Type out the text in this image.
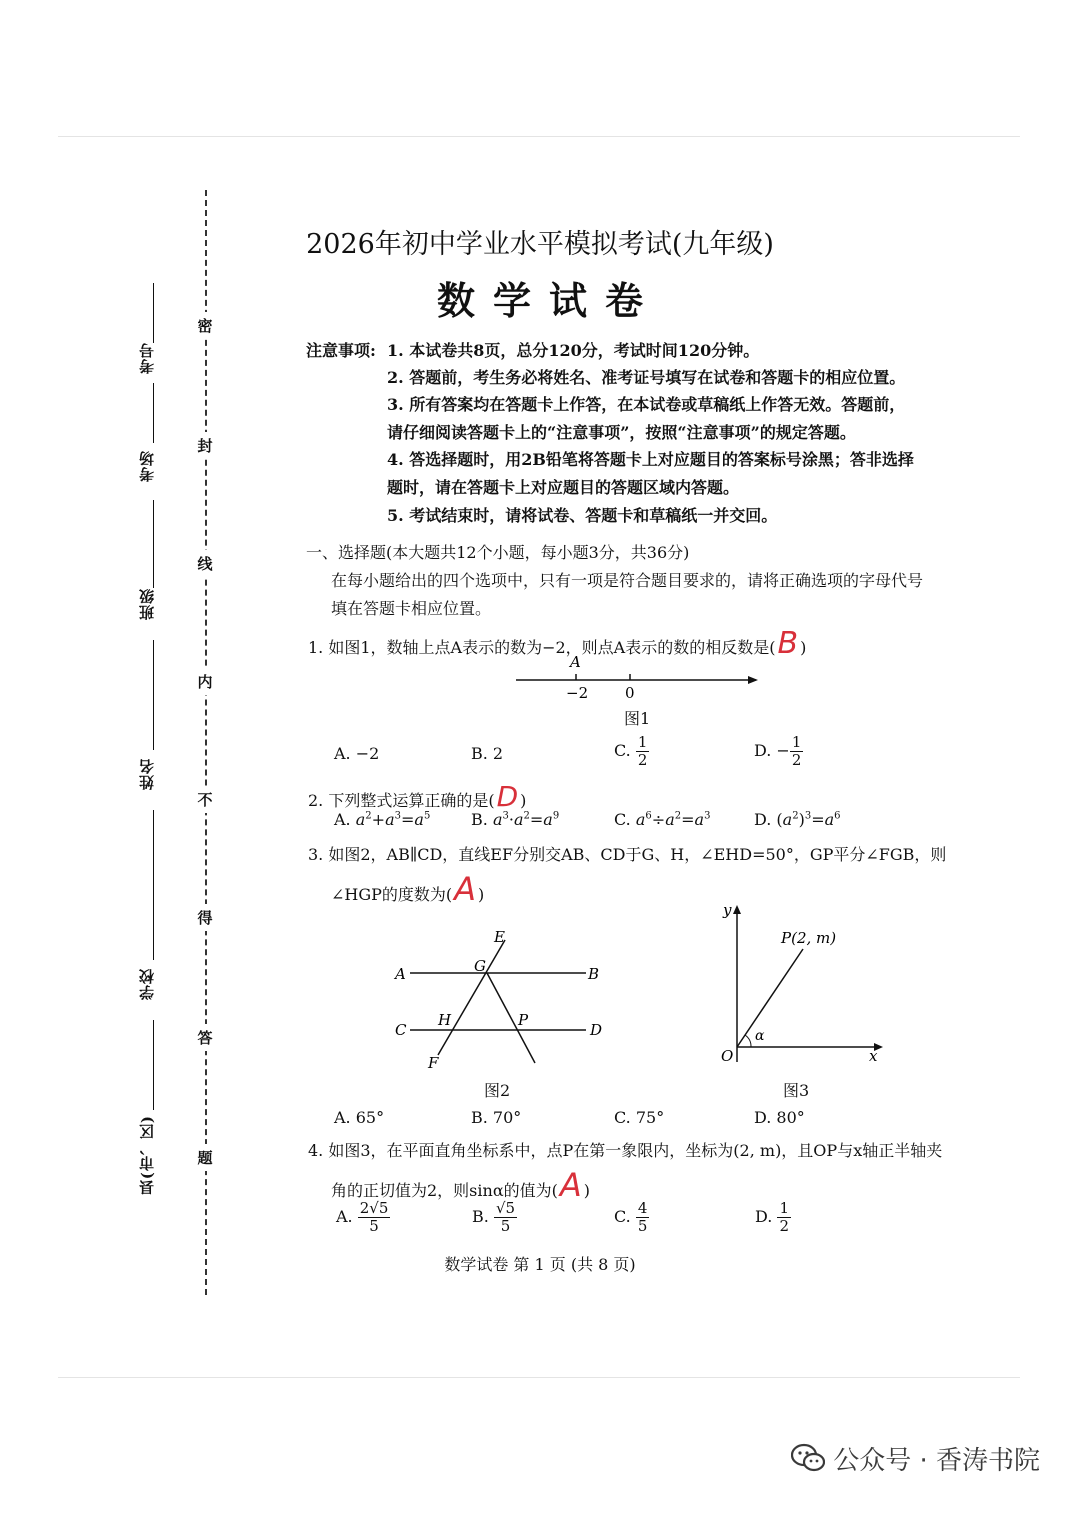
考号
考场
班级
姓名
学校
县(市、区)
密
封
线
内
不
得
答
题
2026年初中学业水平模拟考试(九年级)
数学试卷
注意事项: 1. 本试卷共8页，总分120分，考试时间120分钟。
2. 答题前，考生务必将姓名、准考证号填写在试卷和答题卡的相应位置。
3. 所有答案均在答题卡上作答，在本试卷或草稿纸上作答无效。答题前，
请仔细阅读答题卡上的“注意事项”，按照“注意事项”的规定答题。
4. 答选择题时，用2B铅笔将答题卡上对应题目的答案标号涂黑；答非选择
题时，请在答题卡上对应题目的答题区域内答题。
5. 考试结束时，请将试卷、答题卡和草稿纸一并交回。
一、选择题(本大题共12个小题，每小题3分，共36分)
在每小题给出的四个选项中，只有一项是符合题目要求的，请将正确选项的字母代号
填在答题卡相应位置。
1. 如图1，数轴上点A表示的数为−2，则点A表示的数的相反数是(B )
A
−2 0
图1
A. −2	B. 2	C. $\frac{1}{2}$	D. − $\frac{1}{2}$
2. 下列整式运算正确的是(D )
A. $a^2+a^3=a^5$	B. $a^3\cdot a^2=a^9$	C. $a^6\div a^2=a^3$	D. $(a^2)^3=a^6$
3. 如图2，AB∥CD，直线EF分别交AB、CD于G、H，∠EHD=50°，GP平分∠FGB，则
∠HGP的度数为(A )
E
A	G	B
C
H	P
D
F
图2
y
P(2, m)
α
O	x
图3
A. 65°	B. 70°	C. 75°	D. 80°
4. 如图3，在平面直角坐标系中，点P在第一象限内，坐标为(2, m)，且OP与x轴正半轴夹
角的正切值为2，则sinα的值为(A )
A. $\frac{2√5}{5}$	B. $\frac{√5}{5}$	C. $\frac{4}{5}$	D. $\frac{1}{2}$
数学试卷 第 1 页 (共 8 页)
公众号 · 香涛书院
